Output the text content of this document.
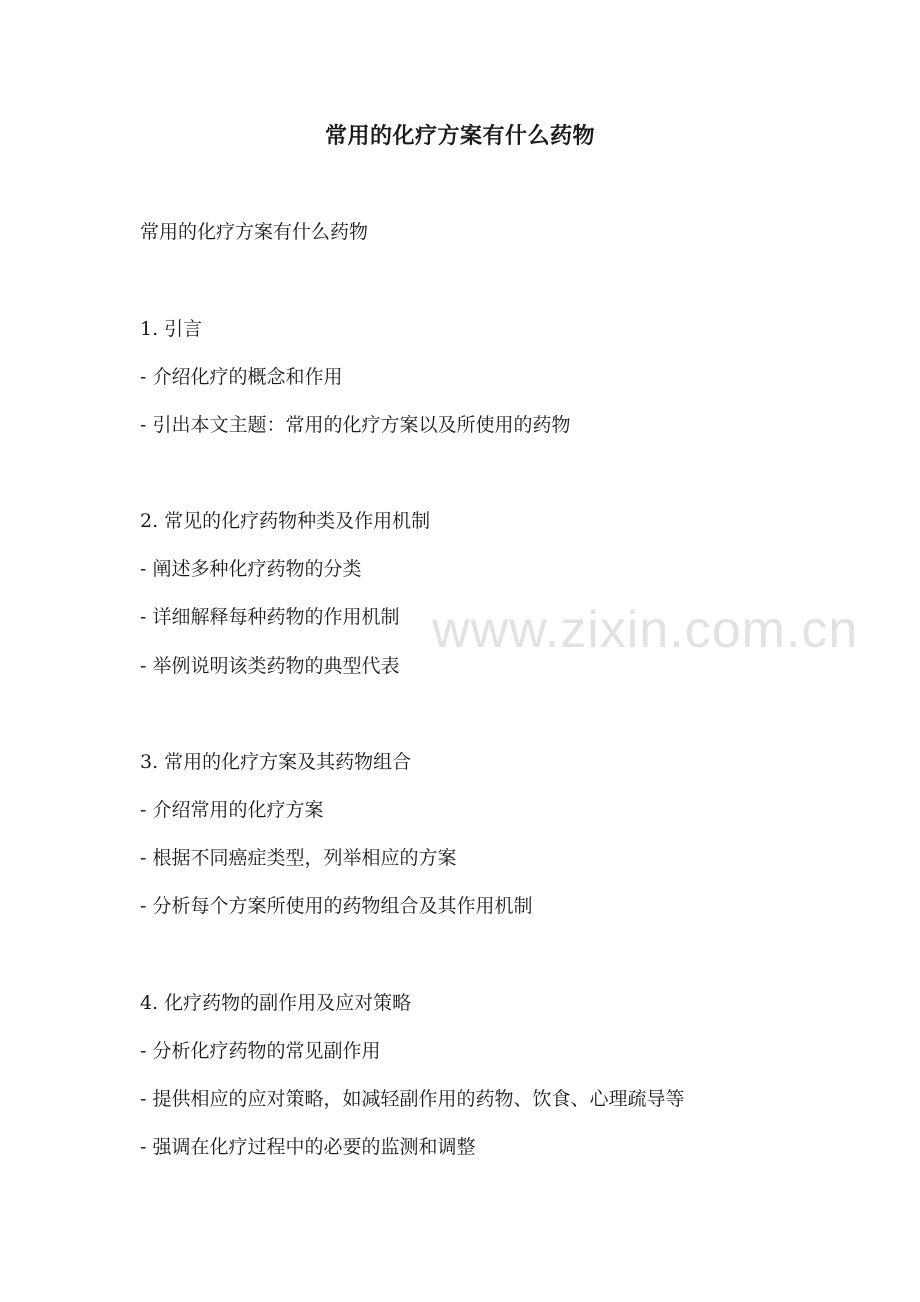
常用的化疗方案有什么药物

常用的化疗方案有什么药物

1. 引言

- 介绍化疗的概念和作用

- 引出本文主题：常用的化疗方案以及所使用的药物

2. 常见的化疗药物种类及作用机制

- 阐述多种化疗药物的分类

- 详细解释每种药物的作用机制

- 举例说明该类药物的典型代表

3. 常用的化疗方案及其药物组合

- 介绍常用的化疗方案

- 根据不同癌症类型，列举相应的方案

- 分析每个方案所使用的药物组合及其作用机制

4. 化疗药物的副作用及应对策略

- 分析化疗药物的常见副作用

- 提供相应的应对策略，如减轻副作用的药物、饮食、心理疏导等

- 强调在化疗过程中的必要的监测和调整

www.zixin.com.cn
